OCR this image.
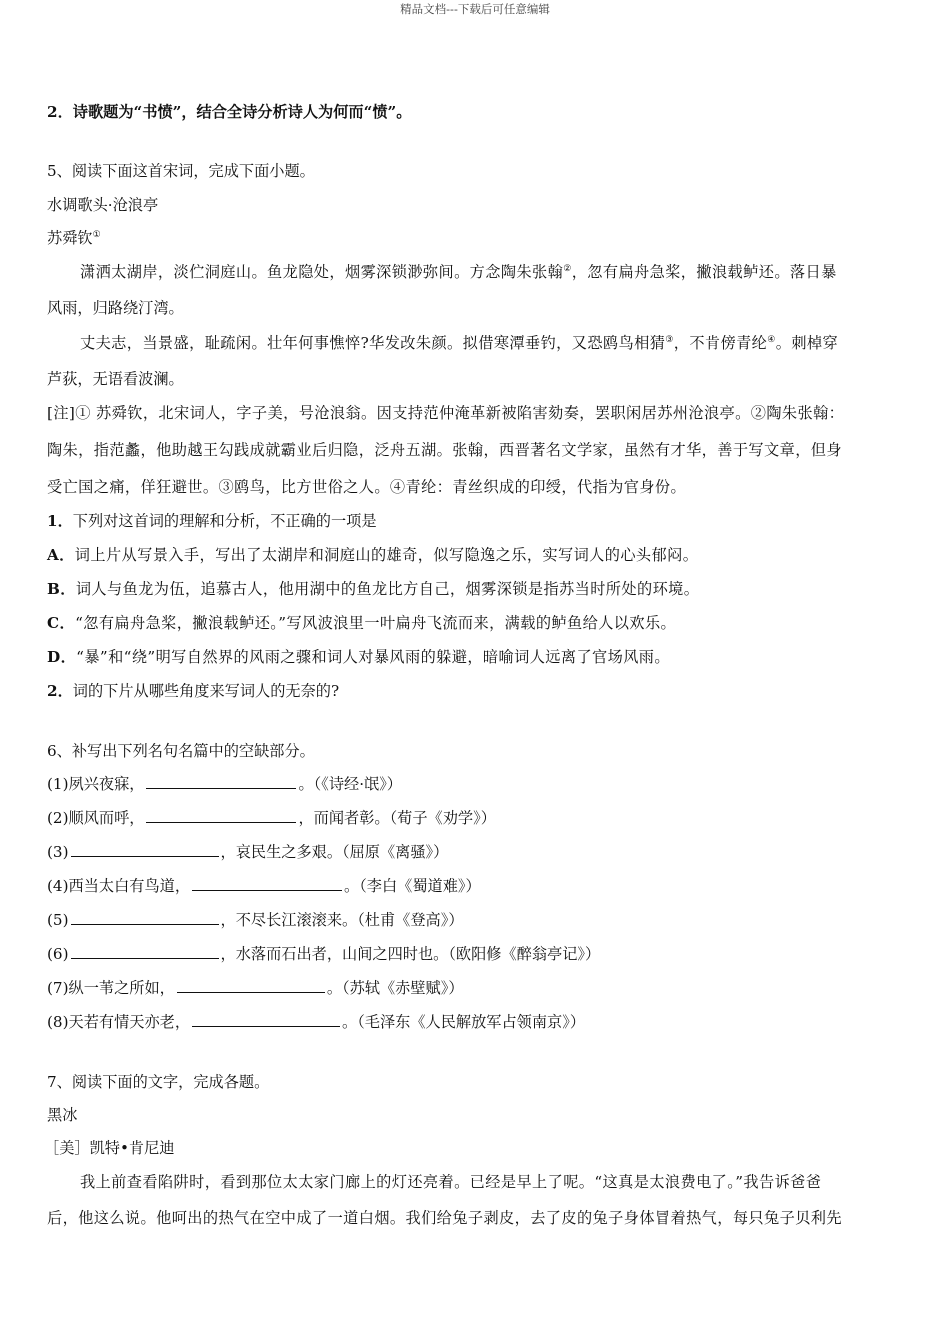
精品文档---下载后可任意编辑
2．诗歌题为“书愤”，结合全诗分析诗人为何而“愤”。
5、阅读下面这首宋词，完成下面小题。
水调歌头·沧浪亭
苏舜钦①
潇洒太湖岸，淡伫洞庭山。鱼龙隐处，烟雾深锁渺弥间。方念陶朱张翰②，忽有扁舟急桨，撇浪载鲈还。落日暴
风雨，归路绕汀湾。
丈夫志，当景盛，耻疏闲。壮年何事憔悴?华发改朱颜。拟借寒潭垂钓，又恐鸥鸟相猜③，不肯傍青纶④。刺棹穿
芦荻，无语看波澜。
[注]① 苏舜钦，北宋词人，字子美，号沧浪翁。因支持范仲淹革新被陷害劾奏，罢职闲居苏州沧浪亭。②陶朱张翰：
陶朱，指范蠡，他助越王勾践成就霸业后归隐，泛舟五湖。张翰，西晋著名文学家，虽然有才华，善于写文章，但身
受亡国之痛，佯狂避世。③鸥鸟，比方世俗之人。④青纶：青丝织成的印绶，代指为官身份。
1．下列对这首词的理解和分析，不正确的一项是
A．词上片从写景入手，写出了太湖岸和洞庭山的雄奇，似写隐逸之乐，实写词人的心头郁闷。
B．词人与鱼龙为伍，追慕古人，他用湖中的鱼龙比方自己，烟雾深锁是指苏当时所处的环境。
C．“忽有扁舟急桨，撇浪载鲈还。”写风波浪里一叶扁舟飞流而来，满载的鲈鱼给人以欢乐。
D．“暴”和“绕”明写自然界的风雨之骤和词人对暴风雨的躲避，暗喻词人远离了官场风雨。
2．词的下片从哪些角度来写词人的无奈的?
6、补写出下列名句名篇中的空缺部分。
(1)夙兴夜寐，	。（《诗经·氓》）
(2)顺风而呼，	，而闻者彰。（荀子《劝学》）
(3)	，哀民生之多艰。（屈原《离骚》）
(4)西当太白有鸟道，	。（李白《蜀道难》）
(5)	，不尽长江滚滚来。（杜甫《登高》）
(6)	，水落而石出者，山间之四时也。（欧阳修《醉翁亭记》）
(7)纵一苇之所如，	。（苏轼《赤壁赋》）
(8)天若有情天亦老，	。（毛泽东《人民解放军占领南京》）
7、阅读下面的文字，完成各题。
黑冰
［美］凯特•肯尼迪
我上前查看陷阱时，看到那位太太家门廊上的灯还亮着。已经是早上了呢。“这真是太浪费电了。”我告诉爸爸
后，他这么说。他呵出的热气在空中成了一道白烟。我们给兔子剥皮，去了皮的兔子身体冒着热气，每只兔子贝利先
